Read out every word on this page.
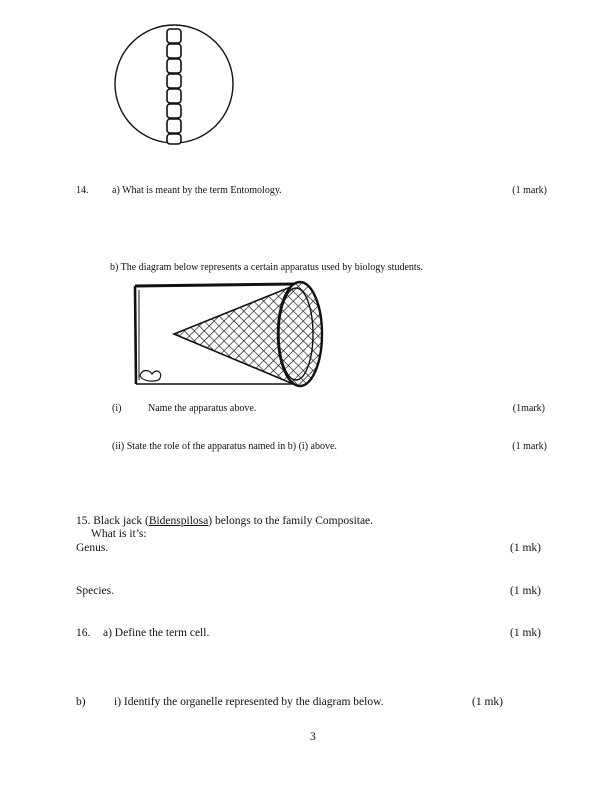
14. a) What is meant by the term Entomology.	(1 mark)
b) The diagram below represents a certain apparatus used by biology students.
(i)	Name the apparatus above.	(1mark)
(ii) State the role of the apparatus named in b) (i) above.	(1 mark)
15. Black jack (Bidenspilosa) belongs to the family Compositae.
What is it’s:
Genus.	(1 mk)
Species.	(1 mk)
16. a) Define the term cell.	(1 mk)
b) i) Identify the organelle represented by the diagram below.	(1 mk)
3
